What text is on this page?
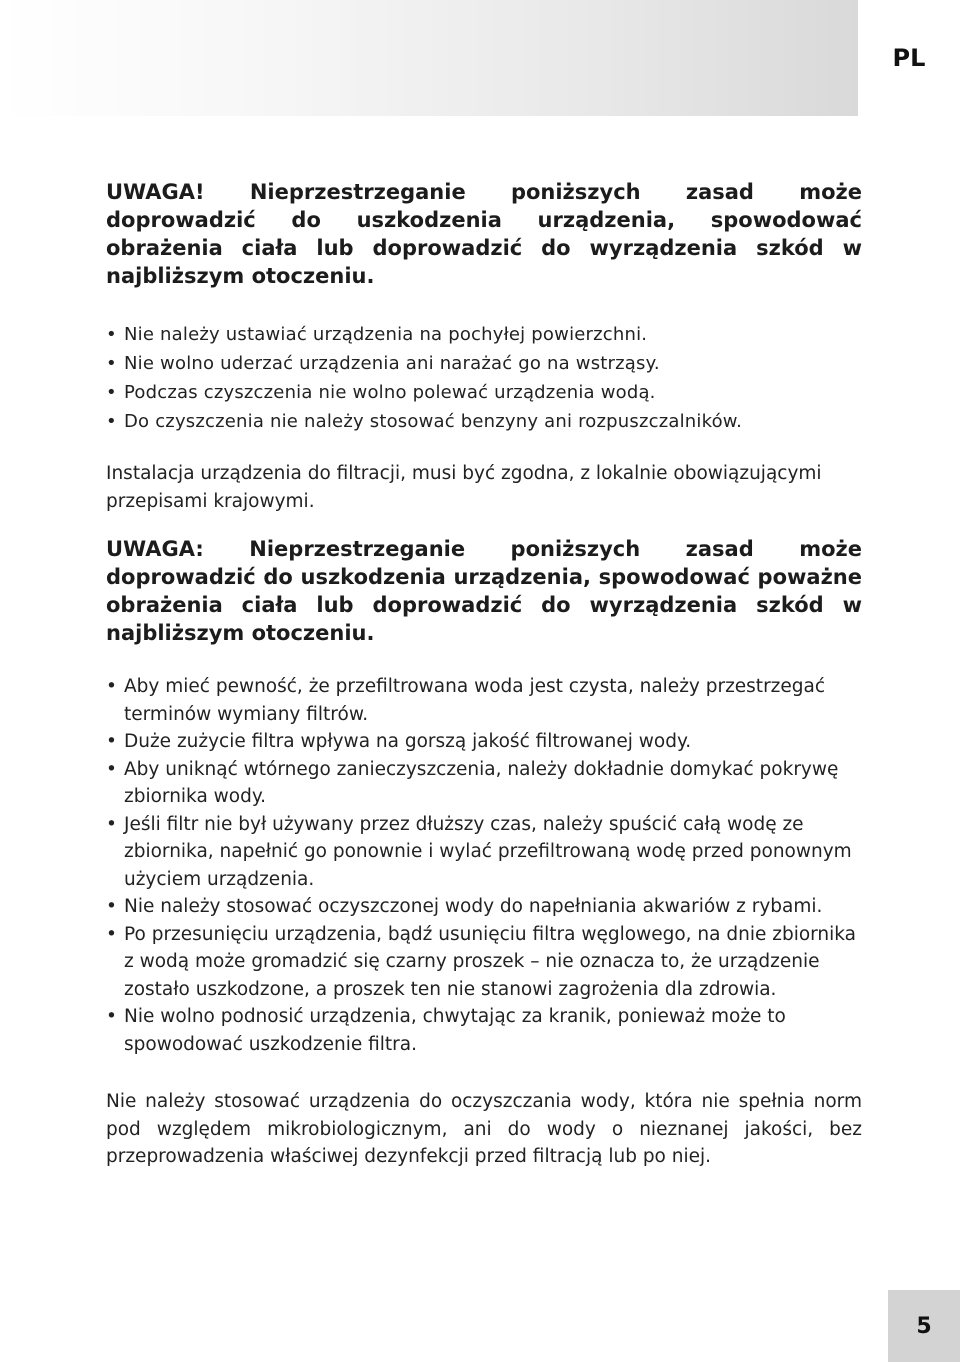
PL

UWAGA! Nieprzestrzeganie poniższych zasad może doprowadzić do uszkodzenia urządzenia, spowodować obrażenia ciała lub doprowadzić do wyrządzenia szkód w najbliższym otoczeniu.

• Nie należy ustawiać urządzenia na pochyłej powierzchni.
• Nie wolno uderzać urządzenia ani narażać go na wstrząsy.
• Podczas czyszczenia nie wolno polewać urządzenia wodą.
• Do czyszczenia nie należy stosować benzyny ani rozpuszczalników.

Instalacja urządzenia do filtracji, musi być zgodna, z lokalnie obowiązującymi przepisami krajowymi.

UWAGA: Nieprzestrzeganie poniższych zasad może doprowadzić do uszkodzenia urządzenia, spowodować poważne obrażenia ciała lub doprowadzić do wyrządzenia szkód w najbliższym otoczeniu.

• Aby mieć pewność, że przefiltrowana woda jest czysta, należy przestrzegać terminów wymiany filtrów.
• Duże zużycie filtra wpływa na gorszą jakość filtrowanej wody.
• Aby uniknąć wtórnego zanieczyszczenia, należy dokładnie domykać pokrywę zbiornika wody.
• Jeśli filtr nie był używany przez dłuższy czas, należy spuścić całą wodę ze zbiornika, napełnić go ponownie i wylać przefiltrowaną wodę przed ponownym użyciem urządzenia.
• Nie należy stosować oczyszczonej wody do napełniania akwariów z rybami.
• Po przesunięciu urządzenia, bądź usunięciu filtra węglowego, na dnie zbiornika z wodą może gromadzić się czarny proszek – nie oznacza to, że urządzenie zostało uszkodzone, a proszek ten nie stanowi zagrożenia dla zdrowia.
• Nie wolno podnosić urządzenia, chwytając za kranik, ponieważ może to spowodować uszkodzenie filtra.

Nie należy stosować urządzenia do oczyszczania wody, która nie spełnia norm pod względem mikrobiologicznym, ani do wody o nieznanej jakości, bez przeprowadzenia właściwej dezynfekcji przed filtracją lub po niej.

5
